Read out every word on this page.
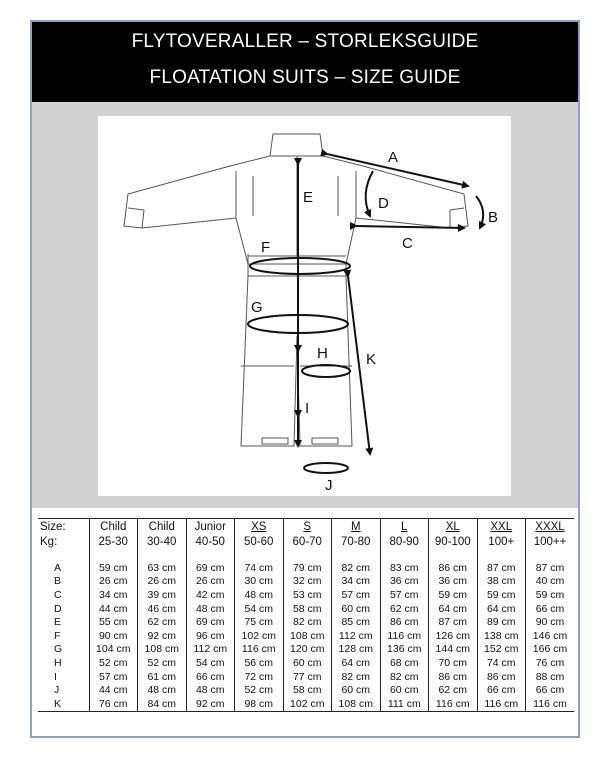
FLYTOVERALLER – STORLEKSGUIDE
FLOATATION SUITS – SIZE GUIDE
A
B
C
D
E
F
G
H
I
J
K
Size:	Child	Child	Junior	XS	S	M	L	XL	XXL	XXXL
Kg:	25-30	30-40	40-50	50-60	60-70	70-80	80-90	90-100	100+	100++

A	59 cm	63 cm	69 cm	74 cm	79 cm	82 cm	83 cm	86 cm	87 cm	87 cm
B	26 cm	26 cm	26 cm	30 cm	32 cm	34 cm	36 cm	36 cm	38 cm	40 cm
C	34 cm	39 cm	42 cm	48 cm	53 cm	57 cm	57 cm	59 cm	59 cm	59 cm
D	44 cm	46 cm	48 cm	54 cm	58 cm	60 cm	62 cm	64 cm	64 cm	66 cm
E	55 cm	62 cm	69 cm	75 cm	82 cm	85 cm	86 cm	87 cm	89 cm	90 cm
F	90 cm	92 cm	96 cm	102 cm	108 cm	112 cm	116 cm	126 cm	138 cm	146 cm
G	104 cm	108 cm	112 cm	116 cm	120 cm	128 cm	136 cm	144 cm	152 cm	166 cm
H	52 cm	52 cm	54 cm	56 cm	60 cm	64 cm	68 cm	70 cm	74 cm	76 cm
I	57 cm	61 cm	66 cm	72 cm	77 cm	82 cm	82 cm	86 cm	86 cm	88 cm
J	44 cm	48 cm	48 cm	52 cm	58 cm	60 cm	60 cm	62 cm	66 cm	66 cm
K	76 cm	84 cm	92 cm	98 cm	102 cm	108 cm	111 cm	116 cm	116 cm	116 cm
